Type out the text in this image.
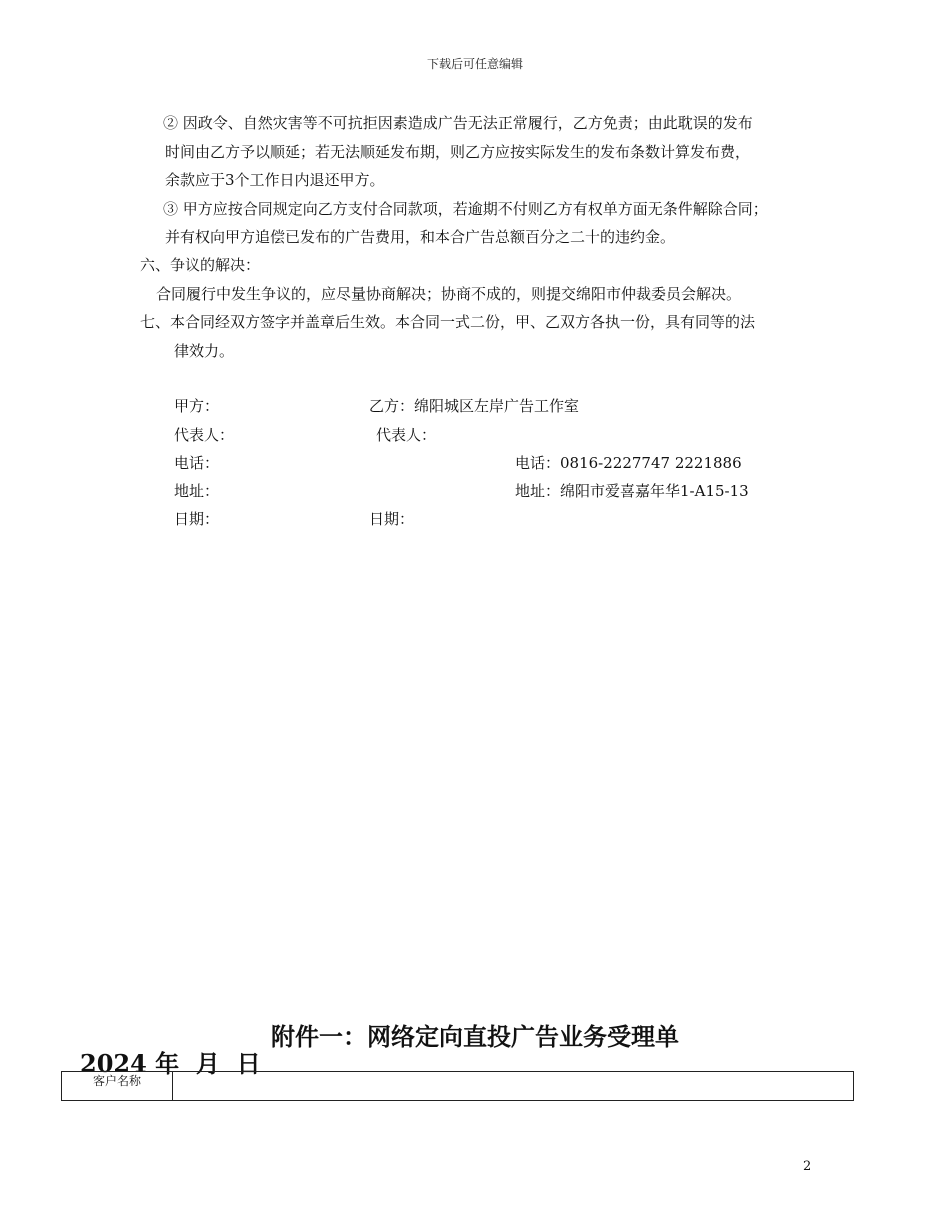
下载后可任意编辑
② 因政令、自然灾害等不可抗拒因素造成广告无法正常履行，乙方免责；由此耽误的发布
时间由乙方予以顺延；若无法顺延发布期，则乙方应按实际发生的发布条数计算发布费，
余款应于3个工作日内退还甲方。
③ 甲方应按合同规定向乙方支付合同款项，若逾期不付则乙方有权单方面无条件解除合同；
并有权向甲方追偿已发布的广告费用，和本合广告总额百分之二十的违约金。
六、争议的解决：
合同履行中发生争议的，应尽量协商解决；协商不成的，则提交绵阳市仲裁委员会解决。
七、本合同经双方签字并盖章后生效。本合同一式二份，甲、乙双方各执一份，具有同等的法
律效力。
甲方：	乙方：绵阳城区左岸广告工作室
代表人：	代表人：
电话：	电话：0816-2227747 2221886
地址：	地址：绵阳市爱喜嘉年华1-A15-13
日期：	日期：
附件一：网络定向直投广告业务受理单
2024 年  月  日
客户名称	
2
